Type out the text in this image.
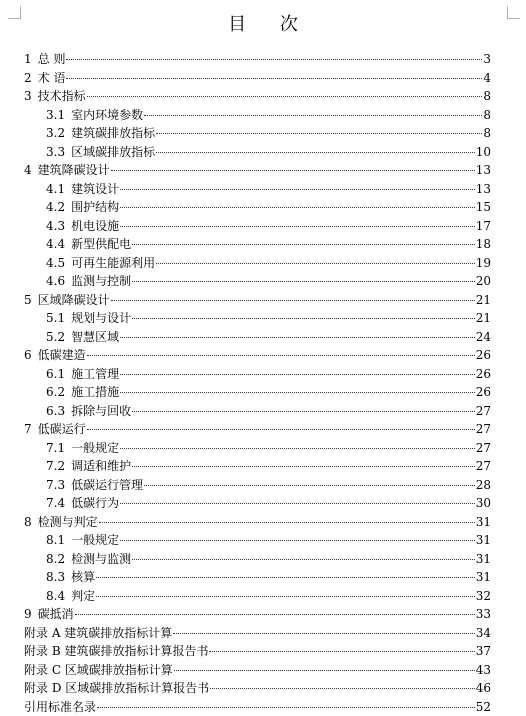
目 次
1 总 则	3
2 术 语	4
3 技术指标	8
3.1 室内环境参数	8
3.2 建筑碳排放指标	8
3.3 区域碳排放指标	10
4 建筑降碳设计	13
4.1 建筑设计	13
4.2 围护结构	15
4.3 机电设施	17
4.4 新型供配电	18
4.5 可再生能源利用	19
4.6 监测与控制	20
5 区域降碳设计	21
5.1 规划与设计	21
5.2 智慧区域	24
6 低碳建造	26
6.1 施工管理	26
6.2 施工措施	26
6.3 拆除与回收	27
7 低碳运行	27
7.1 一般规定	27
7.2 调适和维护	27
7.3 低碳运行管理	28
7.4 低碳行为	30
8 检测与判定	31
8.1 一般规定	31
8.2 检测与监测	31
8.3 核算	31
8.4 判定	32
9 碳抵消	33
附录 A 建筑碳排放指标计算	34
附录 B 建筑碳排放指标计算报告书	37
附录 C 区域碳排放指标计算	43
附录 D 区域碳排放指标计算报告书	46
引用标准名录	52
